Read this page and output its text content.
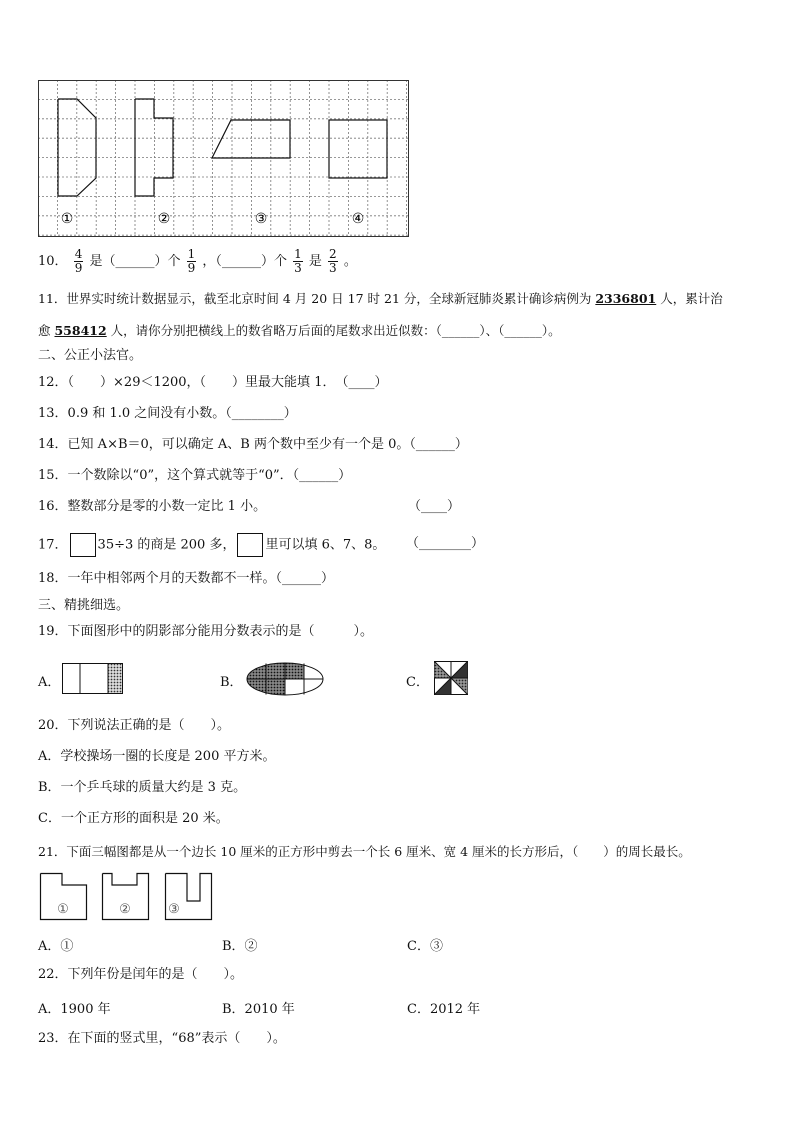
①	②	③	④
10． $\frac{4}{9}$ 是（______）个 $\frac{1}{9}$ ，（______）个 $\frac{1}{3}$ 是 $\frac{2}{3}$ 。
11．世界实时统计数据显示，截至北京时间 4 月 20 日 17 时 21 分，全球新冠肺炎累计确诊病例为 2336801 人，累计治
愈 558412 人，请你分别把横线上的数省略万后面的尾数求出近似数：（______）、（______）。
二、公正小法官。
12．（　　）×29＜1200，（　　）里最大能填 1．　（____）
13．0.9 和 1.0 之间没有小数。（________）
14．已知 A×B＝0，可以确定 A、B 两个数中至少有一个是 0。（______）
15．一个数除以“0”，这个算式就等于“0”．（______）
16．整数部分是零的小数一定比 1 小。	（____）
17． 35÷3 的商是 200 多， 里可以填 6、7、8。 （________）
18．一年中相邻两个月的天数都不一样。（______）
三、精挑细选。
19．下面图形中的阴影部分能用分数表示的是（　　　）。
A．	B．	C．
20．下列说法正确的是（　　）。
A．学校操场一圈的长度是 200 平方米。
B．一个乒乓球的质量大约是 3 克。
C．一个正方形的面积是 20 米。
21．下面三幅图都是从一个边长 10 厘米的正方形中剪去一个长 6 厘米、宽 4 厘米的长方形后，（　　）的周长最长。
①	②	③
A．①	B．②	C．③
22．下列年份是闰年的是（　　）。
A．1900 年	B．2010 年	C．2012 年
23．在下面的竖式里，“68”表示（　　）。
